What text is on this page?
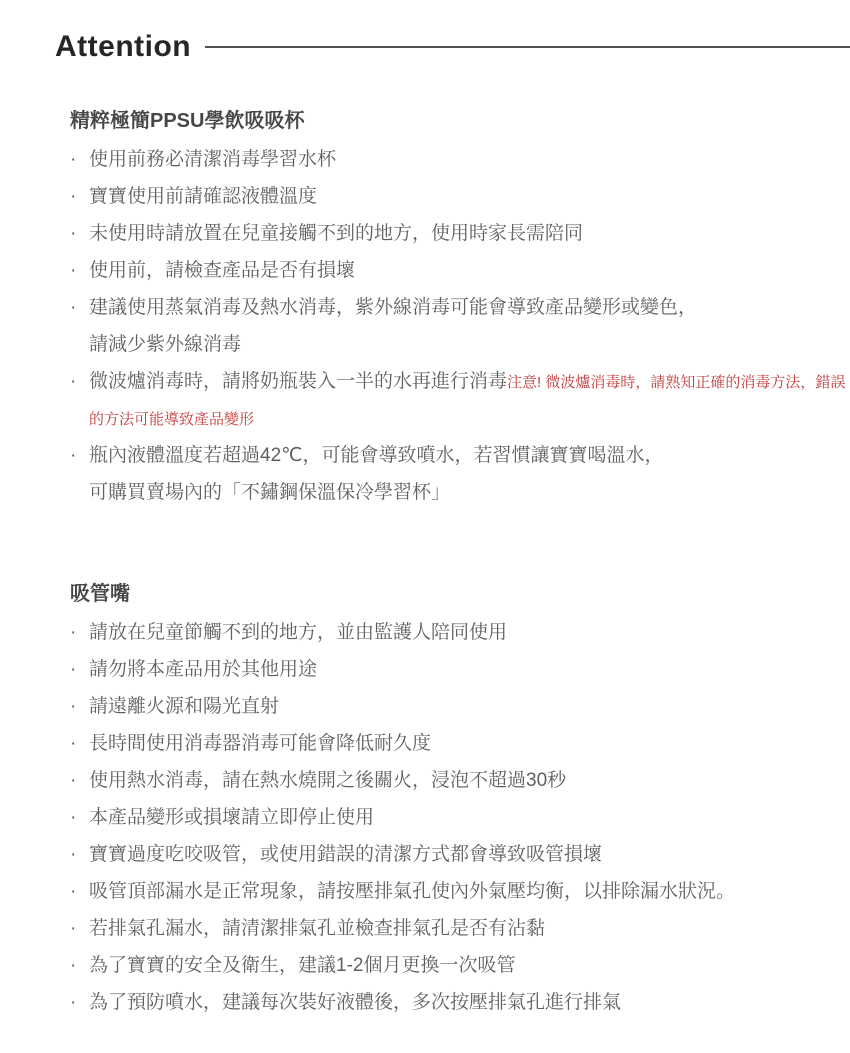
Attention
精粹極簡PPSU學飲吸吸杯
· 使用前務必清潔消毒學習水杯
· 寶寶使用前請確認液體溫度
· 未使用時請放置在兒童接觸不到的地方，使用時家長需陪同
· 使用前，請檢查產品是否有損壞
· 建議使用蒸氣消毒及熱水消毒，紫外線消毒可能會導致產品變形或變色，
請減少紫外線消毒
· 微波爐消毒時，請將奶瓶裝入一半的水再進行消毒注意! 微波爐消毒時，請熟知正確的消毒方法，錯誤的方法可能導致產品變形
· 瓶內液體溫度若超過42℃，可能會導致噴水，若習慣讓寶寶喝溫水，
可購買賣場內的「不鏽鋼保溫保冷學習杯」
吸管嘴
· 請放在兒童節觸不到的地方，並由監護人陪同使用
· 請勿將本產品用於其他用途
· 請遠離火源和陽光直射
· 長時間使用消毒器消毒可能會降低耐久度
· 使用熱水消毒，請在熱水燒開之後關火，浸泡不超過30秒
· 本產品變形或損壞請立即停止使用
· 寶寶過度吃咬吸管，或使用錯誤的清潔方式都會導致吸管損壞
· 吸管頂部漏水是正常現象，請按壓排氣孔使內外氣壓均衡，以排除漏水狀況。
· 若排氣孔漏水，請清潔排氣孔並檢查排氣孔是否有沾黏
· 為了寶寶的安全及衛生，建議1-2個月更換一次吸管
· 為了預防噴水，建議每次裝好液體後，多次按壓排氣孔進行排氣
